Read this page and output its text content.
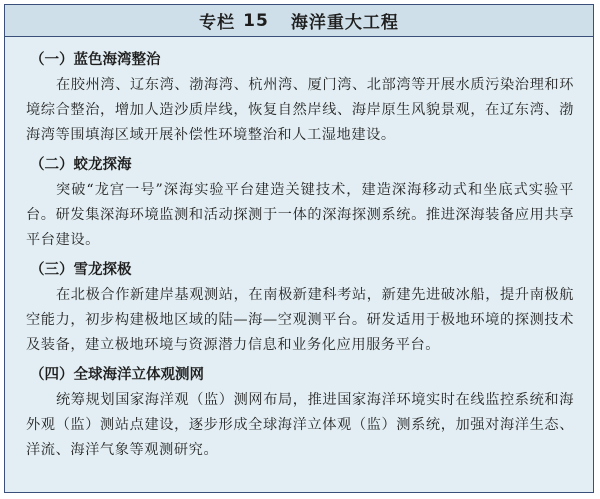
专栏 15 海洋重大工程
（一）蓝色海湾整治

在胶州湾、辽东湾、渤海湾、杭州湾、厦门湾、北部湾等开展水质污染治理和环境综合整治，增加人造沙质岸线，恢复自然岸线、海岸原生风貌景观，在辽东湾、渤海湾等围填海区域开展补偿性环境整治和人工湿地建设。

（二）蛟龙探海

突破“龙宫一号”深海实验平台建造关键技术，建造深海移动式和坐底式实验平台。研发集深海环境监测和活动探测于一体的深海探测系统。推进深海装备应用共享平台建设。

（三）雪龙探极

在北极合作新建岸基观测站，在南极新建科考站，新建先进破冰船，提升南极航空能力，初步构建极地区域的陆—海—空观测平台。研发适用于极地环境的探测技术及装备，建立极地环境与资源潜力信息和业务化应用服务平台。

（四）全球海洋立体观测网

统筹规划国家海洋观（监）测网布局，推进国家海洋环境实时在线监控系统和海外观（监）测站点建设，逐步形成全球海洋立体观（监）测系统，加强对海洋生态、洋流、海洋气象等观测研究。
